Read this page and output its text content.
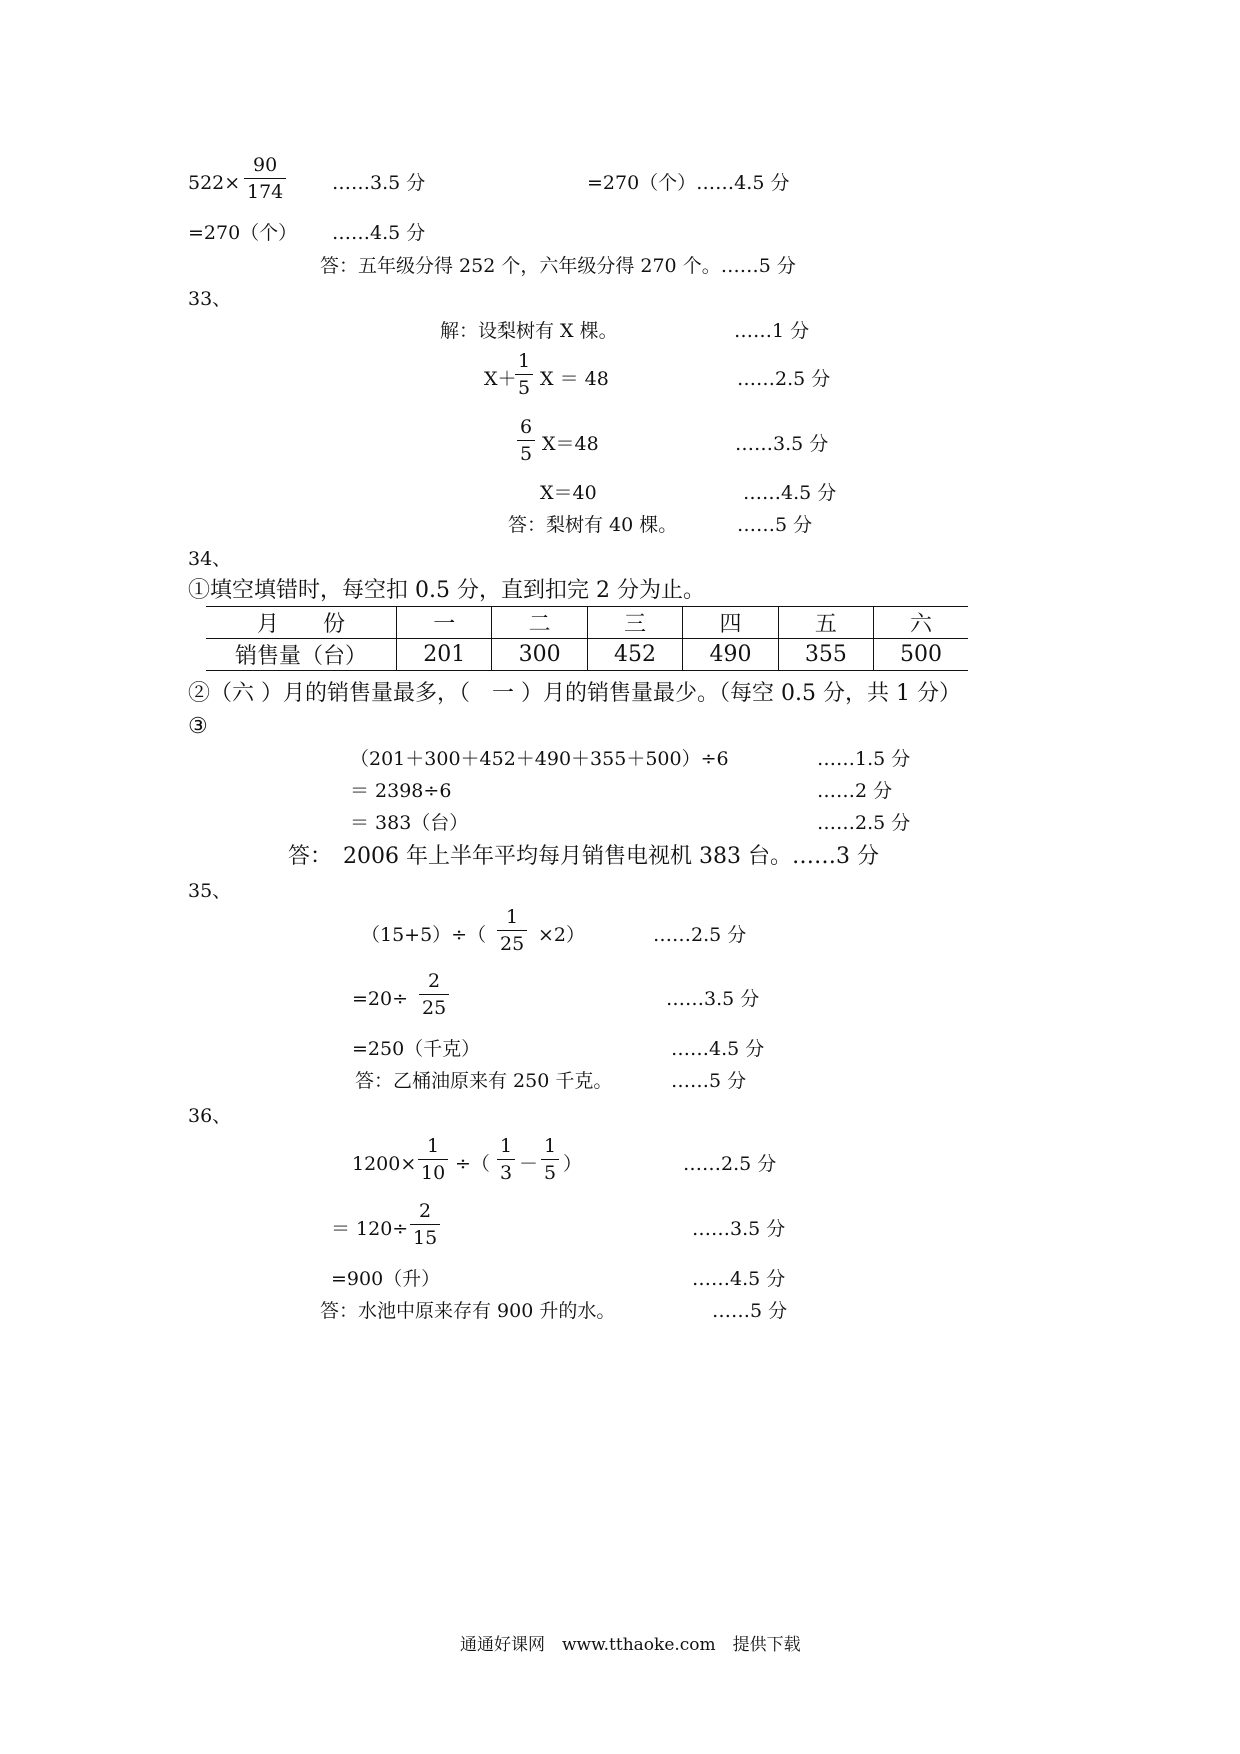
$522\times \frac{90}{174}$ ……3.5 分	=270（个）……4.5 分
=270（个） ……4.5 分
答：五年级分得 252 个，六年级分得 270 个。……5 分
33、
解：设梨树有 X 棵。	……1 分
X＋
$\frac{1}{5}$ X ＝ 48	……2.5 分
$\frac{6}{5} X=48$	……3.5 分
X＝40	……4.5 分
答：梨树有 40 棵。	……5 分
34、
①填空填错时，每空扣 0.5 分，直到扣完 2 分为止。
月　　份	一	二	三	四	五	六
销售量（台）	201	300	452	490	355	500
②（六 ）月的销售量最多，（　一 ）月的销售量最少。（每空 0.5 分，共 1 分）
③
（201＋300＋452＋490＋355＋500）÷6	……1.5 分
＝ 2398÷6	……2 分
＝ 383（台）	……2.5 分
答：　2006 年上半年平均每月销售电视机 383 台。……3 分
35、
$(15+5)\div( \frac{1}{25} \times 2)$	……2.5 分
$=20\div \frac{2}{25}$	……3.5 分
=250（千克）	……4.5 分
答：乙桶油原来有 250 千克。	……5 分
36、
$1200\times \frac{1}{10}$ ÷（ $\frac{1}{3} - \frac{1}{5}$ ）	……2.5 分
＝ $120\div \frac{2}{15}$	……3.5 分
=900（升）	……4.5 分
答：水池中原来存有 900 升的水。	……5 分
通通好课网　www.tthaoke.com　提供下载
